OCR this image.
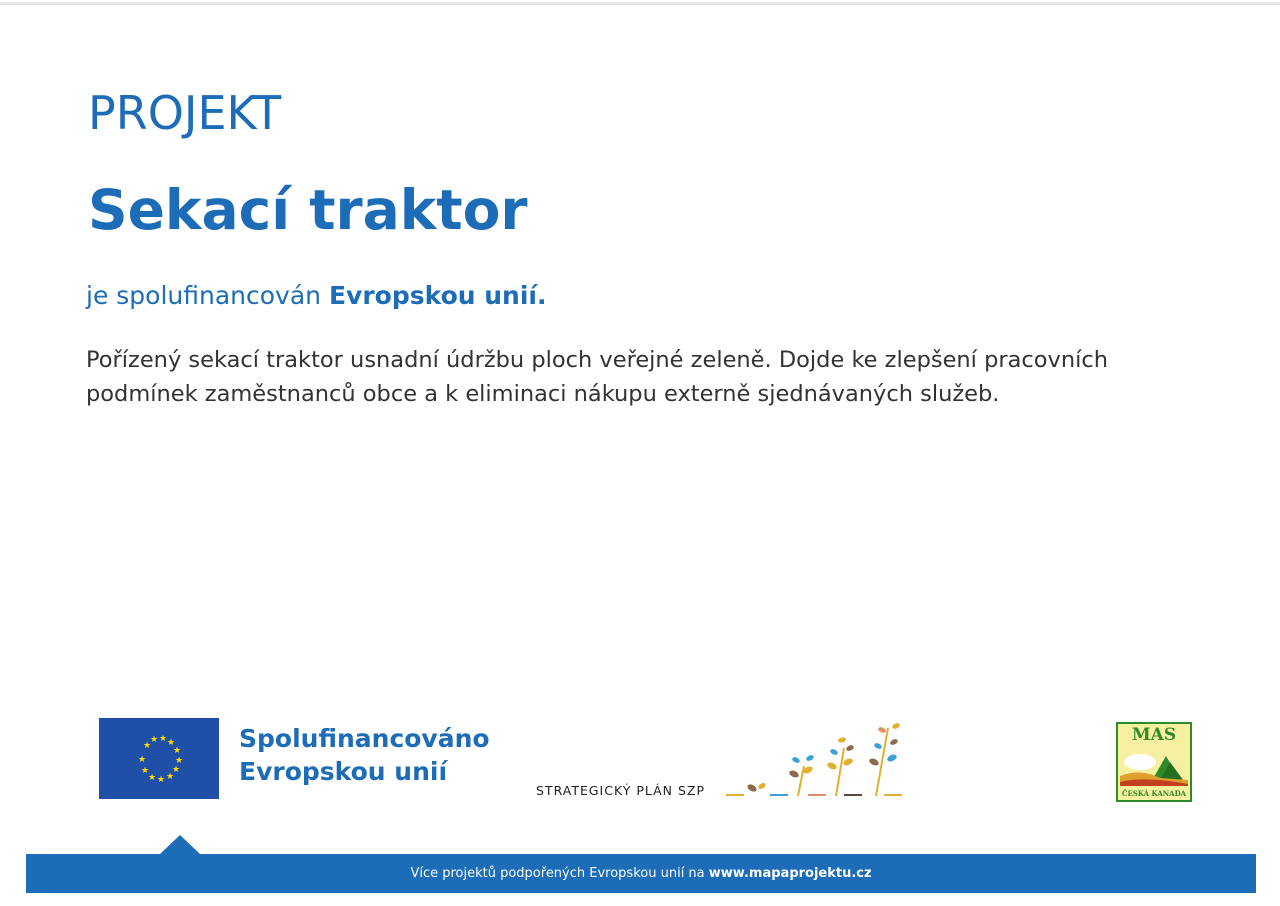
PROJEKT
Sekací traktor
je spolufinancován Evropskou unií.
Pořízený sekací traktor usnadní údržbu ploch veřejné zeleně. Dojde ke zlepšení pracovních podmínek zaměstnanců obce a k eliminaci nákupu externě sjednávaných služeb.
★
★ ★ ★
★
★
★
★
★
★
★
★
Spolufinancováno
Evropskou unií
STRATEGICKÝ PLÁN SZP
MAS
ČESKÁ KANADA
Více projektů podpořených Evropskou unií na www.mapaprojektu.cz
